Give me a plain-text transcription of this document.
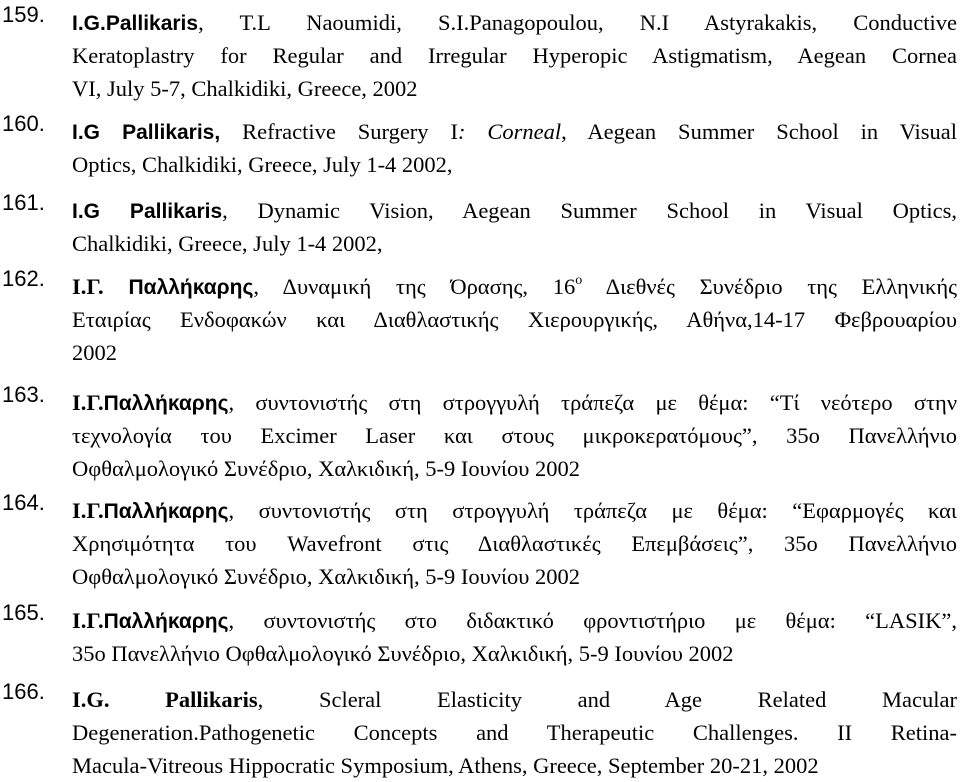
159. I.G.Pallikaris, T.L Naoumidi, S.I.Panagopoulou, N.I Astyrakakis, Conductive
Keratoplastry for Regular and Irregular Hyperopic Astigmatism, Aegean Cornea
VI, July 5-7, Chalkidiki, Greece, 2002
160. I.G Pallikaris, Refractive Surgery I: Corneal, Aegean Summer School in Visual
Optics, Chalkidiki, Greece, July 1-4 2002,
161. I.G Pallikaris, Dynamic Vision, Aegean Summer School in Visual Optics,
Chalkidiki, Greece, July 1-4 2002,
162. Ι.Γ. Παλλήκαρης, Δυναμική της Όρασης, $16^o$ Διεθνές Συνέδριο της Ελληνικής
Εταιρίας Ενδοφακών και Διαθλαστικής Χιερουργικής, Αθήνα,14-17 Φεβρουαρίου
2002
163. Ι.Γ.Παλλήκαρης, συντονιστής στη στρογγυλή τράπεζα με θέμα: “Τί νεότερο στην
τεχνολογία του Excimer Laser και στους μικροκερατόμους”, 35ο Πανελλήνιο
Οφθαλμολογικό Συνέδριο, Χαλκιδική, 5-9 Ιουνίου 2002
164. Ι.Γ.Παλλήκαρης, συντονιστής στη στρογγυλή τράπεζα με θέμα: “Εφαρμογές και
Χρησιμότητα του Wavefront στις Διαθλαστικές Επεμβάσεις”, 35ο Πανελλήνιο
Οφθαλμολογικό Συνέδριο, Χαλκιδική, 5-9 Ιουνίου 2002
165. Ι.Γ.Παλλήκαρης, συντονιστής στο διδακτικό φροντιστήριο με θέμα: “LASIK”,
35ο Πανελλήνιο Οφθαλμολογικό Συνέδριο, Χαλκιδική, 5-9 Ιουνίου 2002
166. I.G. Pallikaris, Scleral Elasticity and Age Related Macular
Degeneration.Pathogenetic Concepts and Therapeutic Challenges. II Retina-
Macula-Vitreous Hippocratic Symposium, Athens, Greece, September 20-21, 2002
